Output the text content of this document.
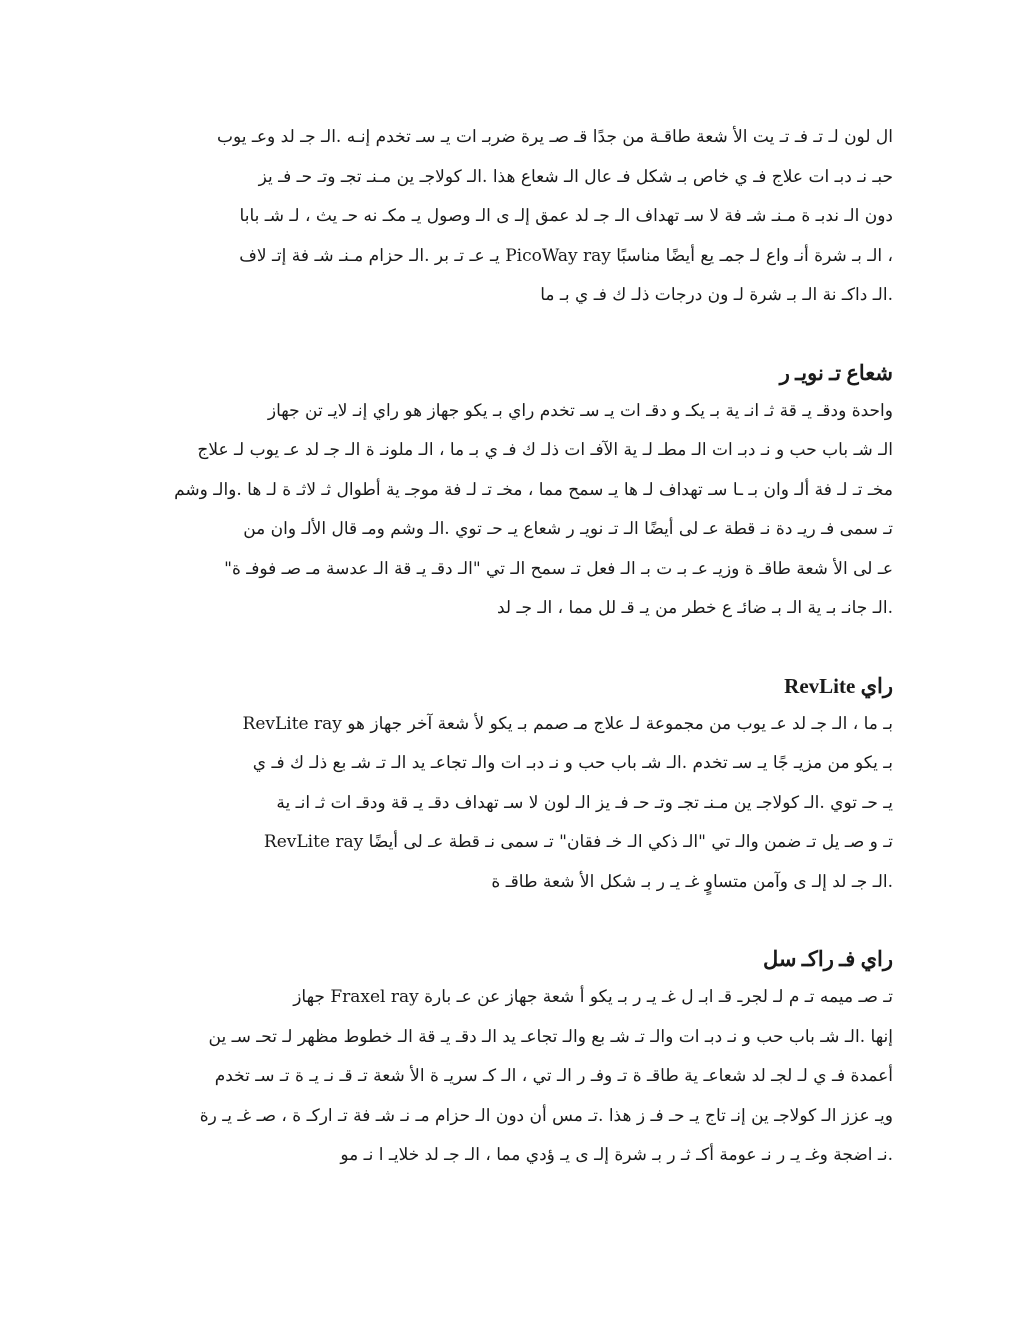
ال لون لـ تـ فـ تـ يت الأ شعة طاقـة من جدًا قـ صـ يرة ضربـ ات يـ سـ تخدم إنـه .الـ جـ لد وعـ يوب
حبـ نـ دبـ ات علاج فـ ي خاص بـ شكل فـ عال الـ شعاع هذا .الـ كولاجـ ين مـنـ تجـ وتـ حـ فـ يز
دون الـ ندبـ ة مـنـ شـ فة لا سـ تهداف الـ جـ لد عمق إلـ ى الـ وصول يـ مكـ نه حـ يث ، لـ شـ بابا
، الـ بـ شرة أنـ واع لـ جمـ يع أيضًا مناسبًا PicoWay ray يـ عـ تـ بر .الـ حزام مـنـ شـ فة إتـ لاف
.الـ داكـ نة الـ بـ شرة لـ ون درجات ذلـ ك فـ ي بـ ما

شعاع تـ نويـ ر

واحدة ودقـ يـ قة ثـ انـ ية بـ يكـ و دقـ ات يـ سـ تخدم راي بـ يكو جهاز هو راي إنـ لايـ تن جهاز
الـ شـ باب حب و نـ دبـ ات الـ مطـ لـ ية الآفـ ات ذلـ ك فـ ي بـ ما ، الـ ملونـ ة الـ جـ لد عـ يوب لـ علاج
مخـ تـ لـ فة ألـ وان بـ ـا سـ تهداف لـ ها يـ سمح مما ، مخـ تـ لـ فة موجـ ية أطوال ثـ لاثـ ة لـ ها .والـ وشم
تـ سمى فـ ريـ دة نـ قطة عـ لى أيضًا الـ تـ نويـ ر شعاع يـ حـ توي .الـ وشم ومـ قال الألـ وان من
عـ لى الأ شعة طاقـ ة وزيـ عـ بـ ت بـ الـ فعل تـ سمح الـ تي "الـ دقـ يـ قة الـ عدسة مـ صـ فوفـ ة"
.الـ جانـ بـ ية الـ بـ ضائـ ع خطر من يـ قـ لل مما ، الـ جـ لد

راي RevLite

بـ ما ، الـ جـ لد عـ يوب من مجموعة لـ علاج مـ صمم بـ يكو لأ شعة آخر جهاز هو RevLite ray
بـ يكو من مزيـ جًا يـ سـ تخدم .الـ شـ باب حب و نـ دبـ ات والـ تجاعـ يد الـ تـ شـ بع ذلـ ك فـ ي
يـ حـ توي .الـ كولاجـ ين مـنـ تجـ وتـ حـ فـ يز الـ لون لا سـ تهداف دقـ يـ قة ودقـ ات ثـ انـ ية
تـ و صـ يل تـ ضمن والـ تي "الـ ذكي الـ خـ فقان" تـ سمى نـ قطة عـ لى أيضًا RevLite ray
.الـ جـ لد إلـ ى وآمن متساوٍ غـ يـ ر بـ شكل الأ شعة طاقـ ة

راي فـ راكـ سل

تـ صـ ميمه تـ م لـ لجرـ قـ ابـ ل غـ يـ ر بـ يكو أ شعة جهاز عن عـ بارة Fraxel ray جهاز
إنها .الـ شـ باب حب و نـ دبـ ات والـ تـ شـ بع والـ تجاعـ يد الـ دقـ يـ قة الـ خطوط مظهر لـ تحـ سـ ين
أعمدة فـ ي لـ لجـ لد شعاعـ ية طاقـ ة تـ وفـ ر الـ تي ، الـ كـ سريـ ة الأ شعة تـ قـ نـ يـ ة تـ سـ تخدم
ويـ عزز الـ كولاجـ ين إنـ تاج يـ حـ فـ ز هذا .تـ مس أن دون الـ حزام مـ نـ شـ فة تـ اركـ ة ، صـ غـ يـ رة
.نـ اضجة وغـ يـ ر نـ عومة أكـ ثـ ر بـ شرة إلـ ى يـ ؤدي مما ، الـ جـ لد خلايـ ا نـ مو
